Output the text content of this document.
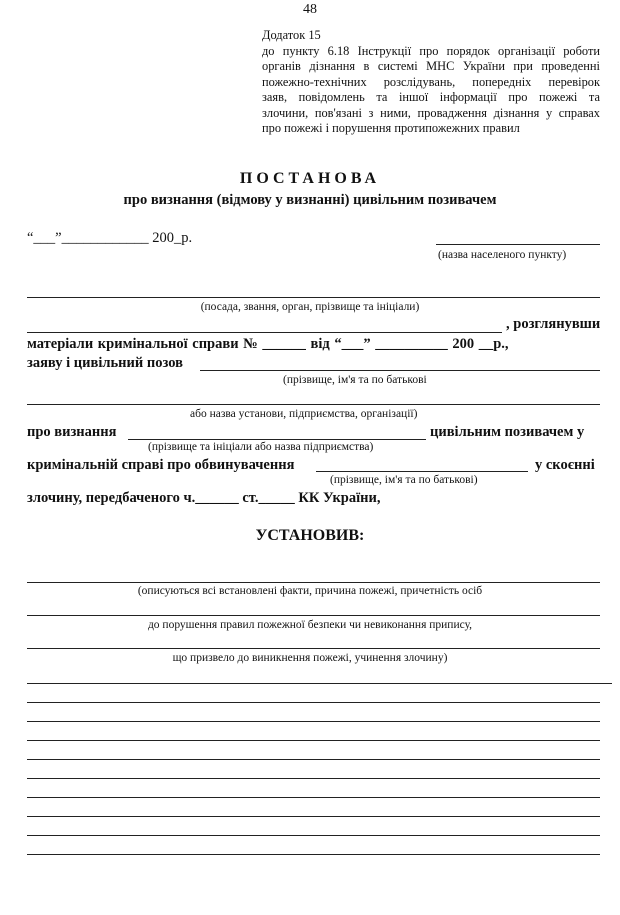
48
Додаток 15
до пункту 6.18 Інструкції про порядок організації роботи
органів дізнання в системі МНС України при проведенні
пожежно-технічних розслідувань, попередніх перевірок
заяв, повідомлень та іншої інформації про пожежі та
злочини, пов'язані з ними, провадження дізнання у справах
про пожежі і порушення протипожежних правил
ПОСТАНОВА
про визнання (відмову у визнанні) цивільним позивачем
“___”____________ 200_р.
(назва населеного пункту)
(посада, звання, орган, прізвище та ініціали)
, розглянувши
матеріали кримінальної справи № ______ від “___” __________ 200 __р.,
заяву і цивільний позов
(прізвище, ім'я та по батькові
або назва установи, підприємства, організації)
про визнання	цивільним позивачем у
(прізвище та ініціали або назва підприємства)
кримінальній справі про обвинувачення	у скоєнні
(прізвище, ім'я та по батькові)
злочину, передбаченого ч.______ ст._____ КК України,
УСТАНОВИВ:
(описуються всі встановлені факти, причина пожежі, причетність осіб
до порушення правил пожежної безпеки чи невиконання припису,
що призвело до виникнення пожежі, учинення злочину)
